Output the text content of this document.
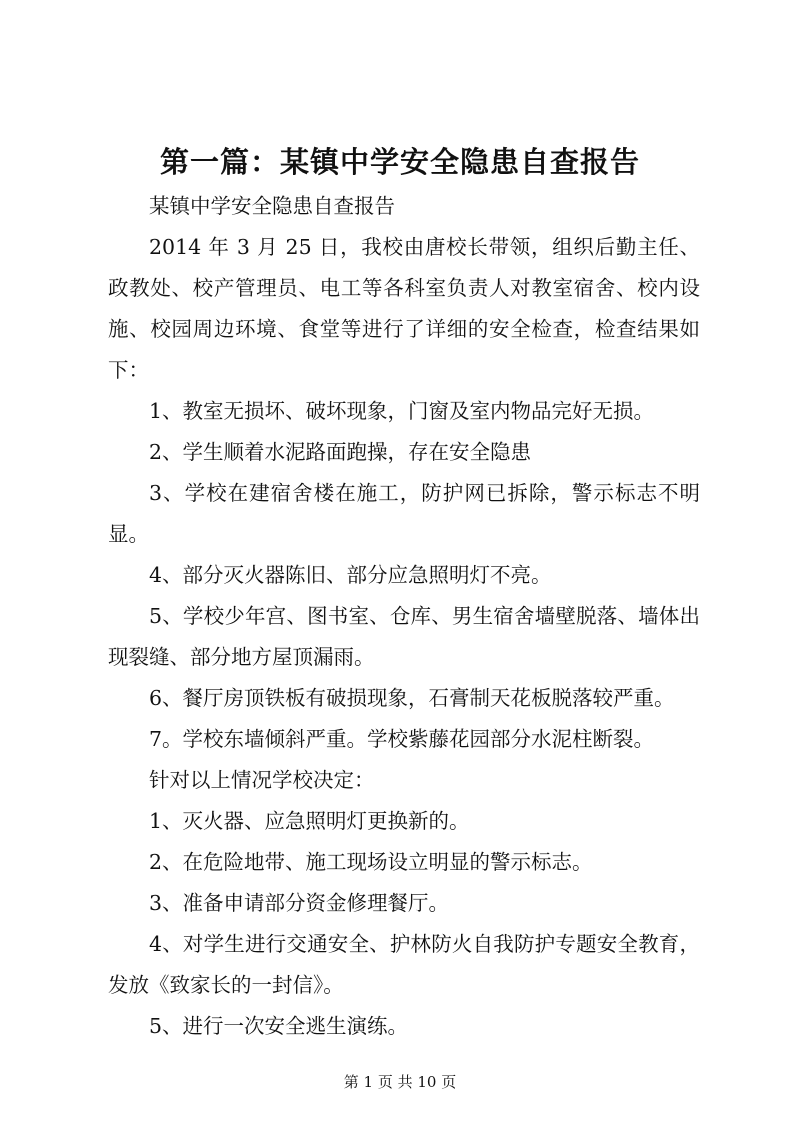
第一篇：某镇中学安全隐患自查报告

某镇中学安全隐患自查报告

2014 年 3 月 25 日，我校由唐校长带领，组织后勤主任、政教处、校产管理员、电工等各科室负责人对教室宿舍、校内设施、校园周边环境、食堂等进行了详细的安全检查，检查结果如下：

1、教室无损坏、破坏现象，门窗及室内物品完好无损。

2、学生顺着水泥路面跑操，存在安全隐患

3、学校在建宿舍楼在施工，防护网已拆除，警示标志不明显。

4、部分灭火器陈旧、部分应急照明灯不亮。

5、学校少年宫、图书室、仓库、男生宿舍墙壁脱落、墙体出现裂缝、部分地方屋顶漏雨。

6、餐厅房顶铁板有破损现象，石膏制天花板脱落较严重。

7。学校东墙倾斜严重。学校紫藤花园部分水泥柱断裂。

针对以上情况学校决定：

1、灭火器、应急照明灯更换新的。

2、在危险地带、施工现场设立明显的警示标志。

3、准备申请部分资金修理餐厅。

4、对学生进行交通安全、护林防火自我防护专题安全教育，发放《致家长的一封信》。

5、进行一次安全逃生演练。

第 1 页 共 10 页
